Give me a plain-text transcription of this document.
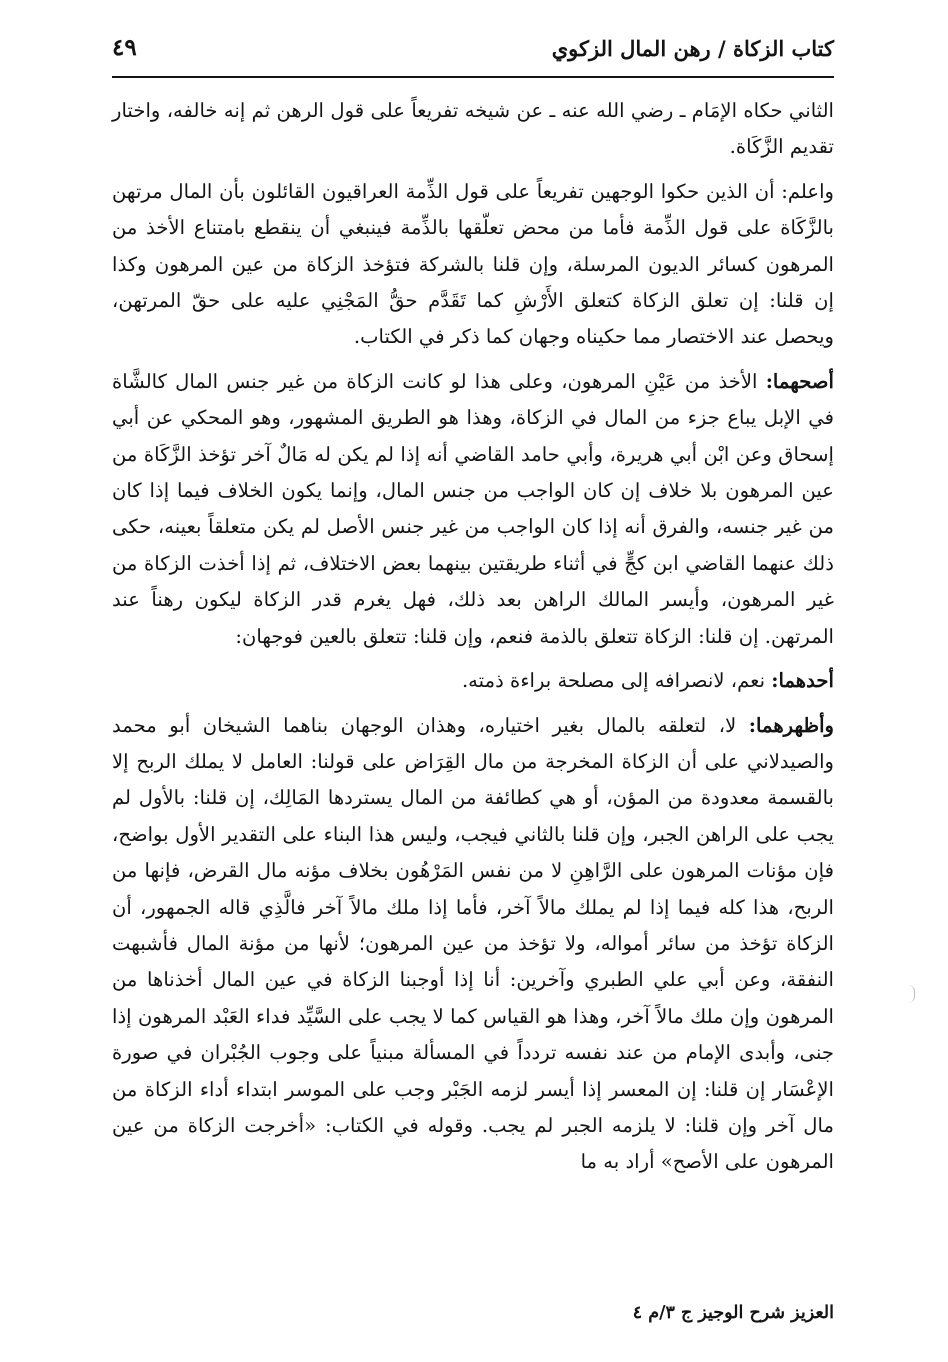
كتاب الزكاة / رهن المال الزكوي
٤٩

الثاني حكاه الإمَام ـ رضي الله عنه ـ عن شيخه تفريعاً على قول الرهن ثم إنه خالفه، واختار تقديم الزَّكَاة.

واعلم: أن الذين حكوا الوجهين تفريعاً على قول الذِّمة العراقيون القائلون بأن المال مرتهن بالزَّكَاة على قول الذِّمة فأما من محض تعلّقها بالذِّمة فينبغي أن ينقطع بامتناع الأخذ من المرهون كسائر الديون المرسلة، وإن قلنا بالشركة فتؤخذ الزكاة من عين المرهون وكذا إن قلنا: إن تعلق الزكاة كتعلق الأَرْشِ كما تَقَدَّم حقُّ المَجْنِي عليه على حقّ المرتهن، ويحصل عند الاختصار مما حكيناه وجهان كما ذكر في الكتاب.

أصحهما: الأخذ من عَيْنِ المرهون، وعلى هذا لو كانت الزكاة من غير جنس المال كالشَّاة في الإبل يباع جزء من المال في الزكاة، وهذا هو الطريق المشهور، وهو المحكي عن أبي إسحاق وعن ابْن أبي هريرة، وأبي حامد القاضي أنه إذا لم يكن له مَالٌ آخر تؤخذ الزَّكَاة من عين المرهون بلا خلاف إن كان الواجب من جنس المال، وإنما يكون الخلاف فيما إذا كان من غير جنسه، والفرق أنه إذا كان الواجب من غير جنس الأصل لم يكن متعلقاً بعينه، حكى ذلك عنهما القاضي ابن كجٍّ في أثناء طريقتين بينهما بعض الاختلاف، ثم إذا أخذت الزكاة من غير المرهون، وأيسر المالك الراهن بعد ذلك، فهل يغرم قدر الزكاة ليكون رهناً عند المرتهن. إن قلنا: الزكاة تتعلق بالذمة فنعم، وإن قلنا: تتعلق بالعين فوجهان:

أحدهما: نعم، لانصرافه إلى مصلحة براءة ذمته.

وأظهرهما: لا، لتعلقه بالمال بغير اختياره، وهذان الوجهان بناهما الشيخان أبو محمد والصيدلاني على أن الزكاة المخرجة من مال القِرَاض على قولنا: العامل لا يملك الربح إلا بالقسمة معدودة من المؤن، أو هي كطائفة من المال يستردها المَالِك، إن قلنا: بالأول لم يجب على الراهن الجبر، وإن قلنا بالثاني فيجب، وليس هذا البناء على التقدير الأول بواضح، فإن مؤنات المرهون على الرَّاهِنِ لا من نفس المَرْهُون بخلاف مؤنه مال القرض، فإنها من الربح، هذا كله فيما إذا لم يملك مالاً آخر، فأما إذا ملك مالاً آخر فالَّذِي قاله الجمهور، أن الزكاة تؤخذ من سائر أمواله، ولا تؤخذ من عين المرهون؛ لأنها من مؤنة المال فأشبهت النفقة، وعن أبي علي الطبري وآخرين: أنا إذا أوجبنا الزكاة في عين المال أخذناها من المرهون وإن ملك مالاً آخر، وهذا هو القياس كما لا يجب على السَّيِّد فداء العَبْد المرهون إذا جنى، وأبدى الإمام من عند نفسه تردداً في المسألة مبنياً على وجوب الجُبْران في صورة الإعْسَار إن قلنا: إن المعسر إذا أيسر لزمه الجَبْر وجب على الموسر ابتداء أداء الزكاة من مال آخر وإن قلنا: لا يلزمه الجبر لم يجب. وقوله في الكتاب: «أخرجت الزكاة من عين المرهون على الأصح» أراد به ما

العزيز شرح الوجيز ج ٣/م ٤
